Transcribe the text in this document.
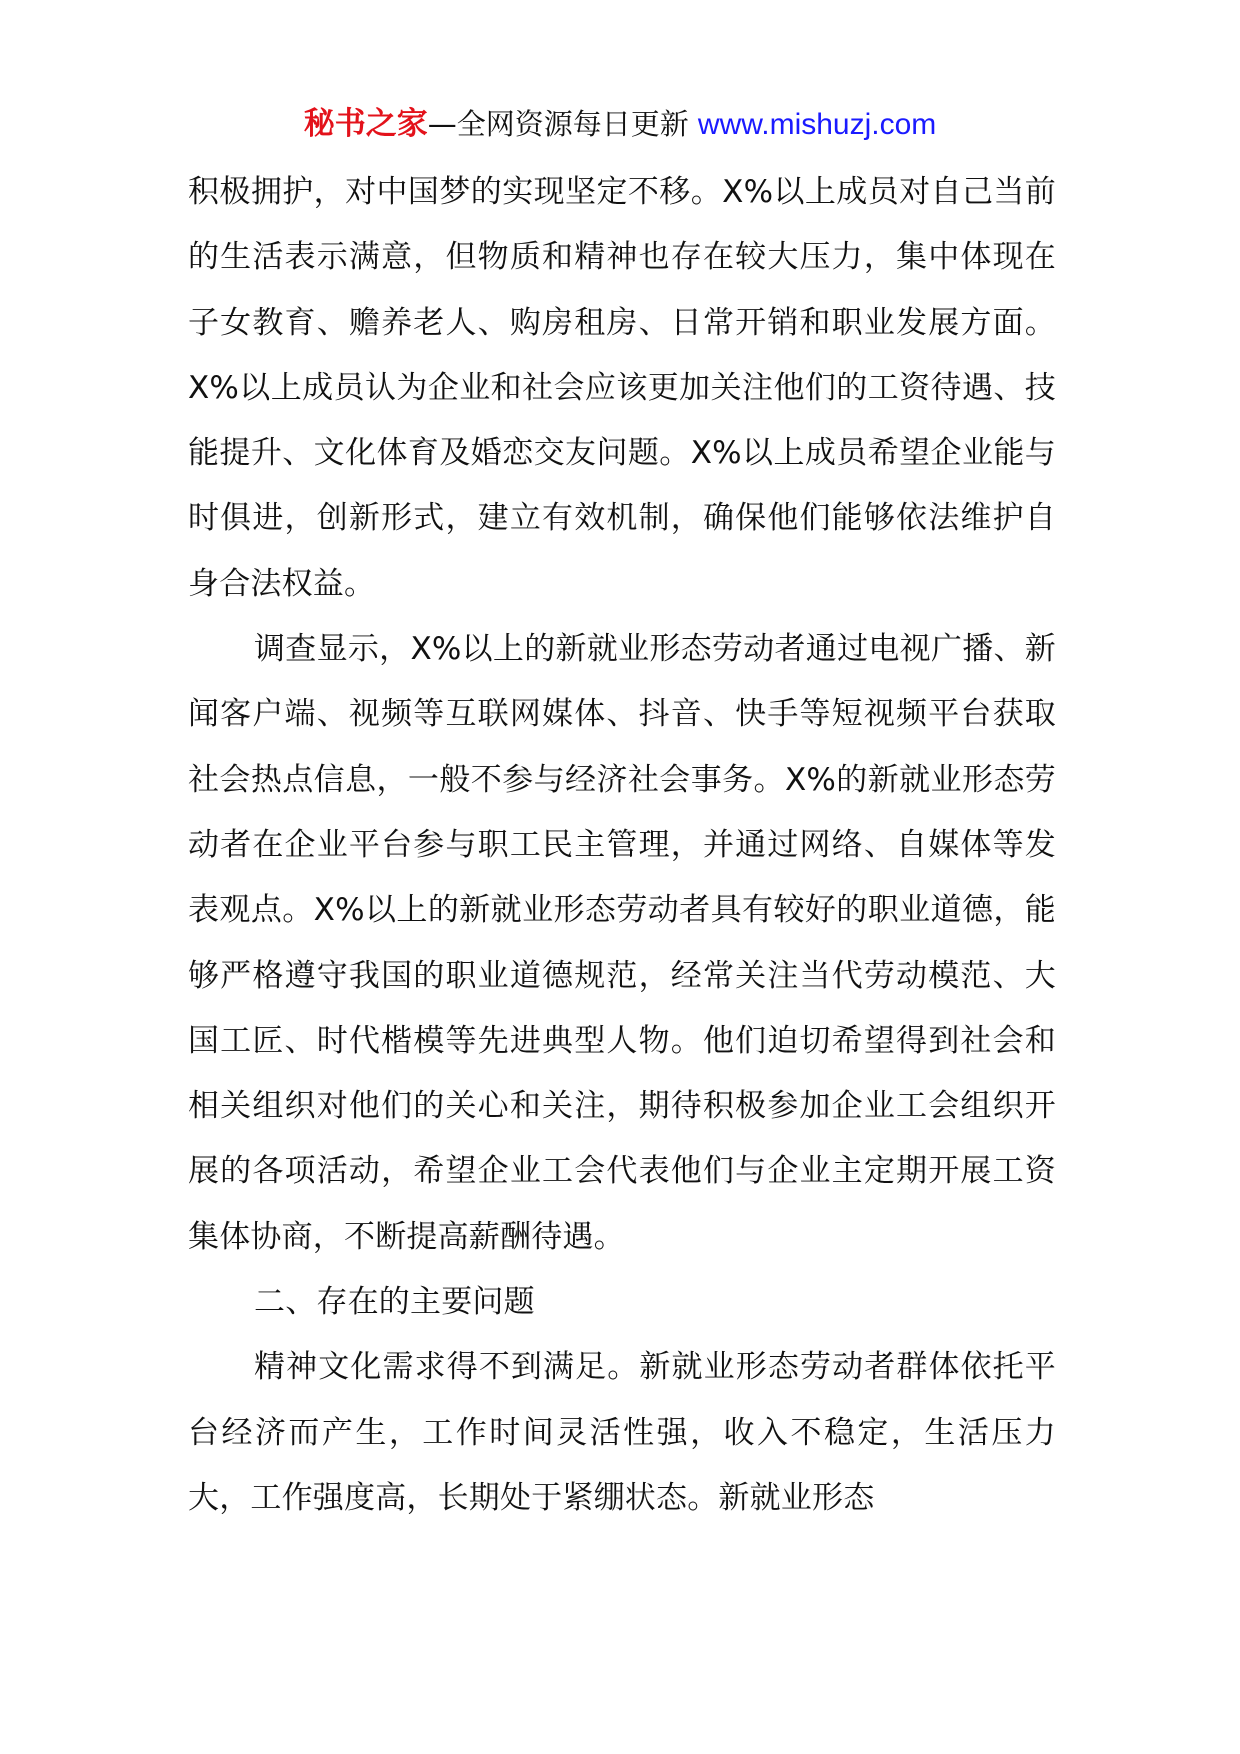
秘书之家—全网资源每日更新 www.mishuzj.com

积极拥护，对中国梦的实现坚定不移。X%以上成员对自己当前的生活表示满意，但物质和精神也存在较大压力，集中体现在子女教育、赡养老人、购房租房、日常开销和职业发展方面。X%以上成员认为企业和社会应该更加关注他们的工资待遇、技能提升、文化体育及婚恋交友问题。X%以上成员希望企业能与时俱进，创新形式，建立有效机制，确保他们能够依法维护自身合法权益。

调查显示，X%以上的新就业形态劳动者通过电视广播、新闻客户端、视频等互联网媒体、抖音、快手等短视频平台获取社会热点信息，一般不参与经济社会事务。X%的新就业形态劳动者在企业平台参与职工民主管理，并通过网络、自媒体等发表观点。X%以上的新就业形态劳动者具有较好的职业道德，能够严格遵守我国的职业道德规范，经常关注当代劳动模范、大国工匠、时代楷模等先进典型人物。他们迫切希望得到社会和相关组织对他们的关心和关注，期待积极参加企业工会组织开展的各项活动，希望企业工会代表他们与企业主定期开展工资集体协商，不断提高薪酬待遇。

二、存在的主要问题

精神文化需求得不到满足。新就业形态劳动者群体依托平台经济而产生，工作时间灵活性强，收入不稳定，生活压力大，工作强度高，长期处于紧绷状态。新就业形态
